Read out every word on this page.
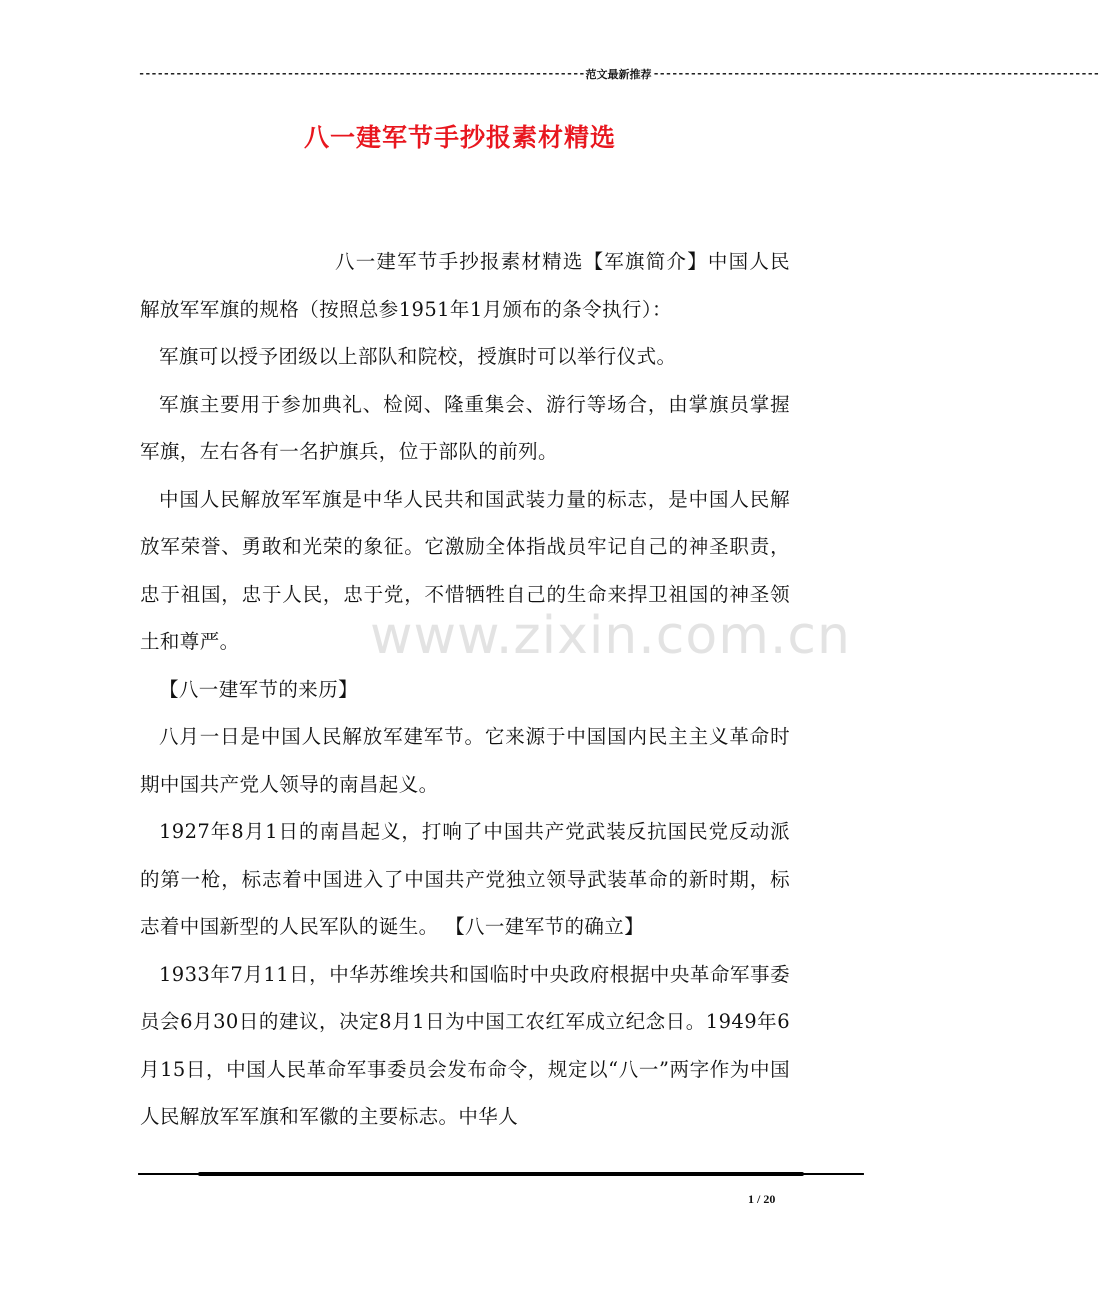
------------------------------------------------------------------------ 范文最新推荐 ------------------------------------------------------------------------
八一建军节手抄报素材精选
www.zixin.com.cn

八一建军节手抄报素材精选【军旗简介】中国人民解放军军旗的规格（按照总参1951年1月颁布的条令执行）：

军旗可以授予团级以上部队和院校，授旗时可以举行仪式。

军旗主要用于参加典礼、检阅、隆重集会、游行等场合，由掌旗员掌握军旗，左右各有一名护旗兵，位于部队的前列。

中国人民解放军军旗是中华人民共和国武装力量的标志，是中国人民解放军荣誉、勇敢和光荣的象征。它激励全体指战员牢记自己的神圣职责，忠于祖国，忠于人民，忠于党，不惜牺牲自己的生命来捍卫祖国的神圣领土和尊严。

【八一建军节的来历】

八月一日是中国人民解放军建军节。它来源于中国国内民主主义革命时期中国共产党人领导的南昌起义。

1927年8月1日的南昌起义，打响了中国共产党武装反抗国民党反动派的第一枪，标志着中国进入了中国共产党独立领导武装革命的新时期，标志着中国新型的人民军队的诞生。 【八一建军节的确立】

1933年7月11日，中华苏维埃共和国临时中央政府根据中央革命军事委员会6月30日的建议，决定8月1日为中国工农红军成立纪念日。1949年6月15日，中国人民革命军事委员会发布命令，规定以“八一”两字作为中国人民解放军军旗和军徽的主要标志。中华人

1 / 20
